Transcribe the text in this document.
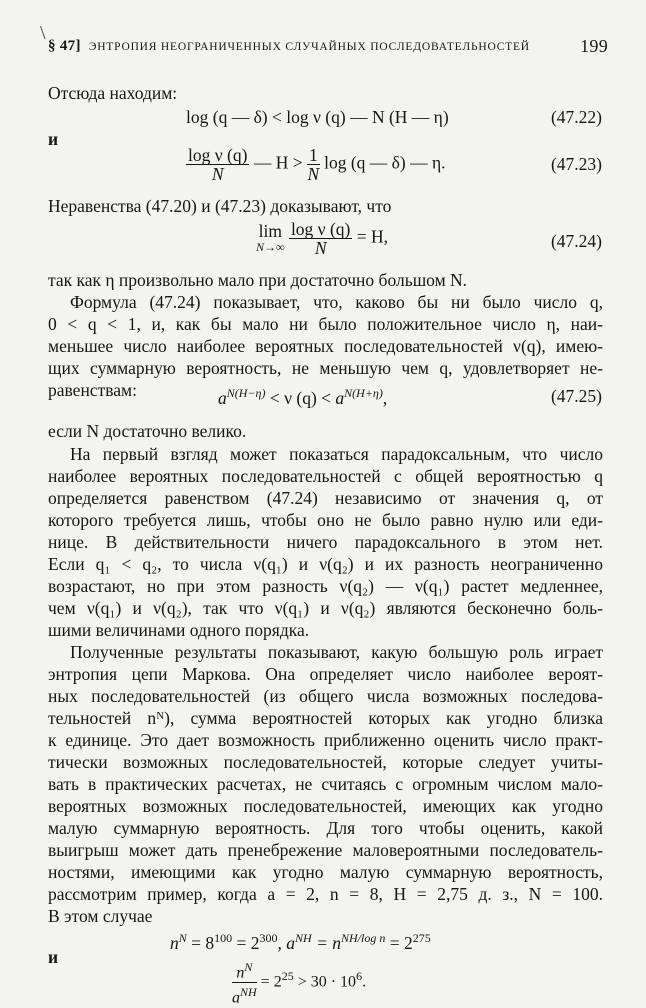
\
§ 47] ЭНТРОПИЯ НЕОГРАНИЧЕННЫХ СЛУЧАЙНЫХ ПОСЛЕДОВАТЕЛЬНОСТЕЙ	199
Отсюда находим:
log (q — δ) < log ν (q) — N (H — η)	(47.22)
и
$\frac{\text{log ν (q)}}{N}$ — $H > \frac{1}{N}$ log (q — δ) — η.	(47.23)
Неравенства (47.20) и (47.23) доказывают, что
lim
N→∞
$\frac{\text{log ν (q)}}{N} = H$,	(47.24)
так как η произвольно мало при достаточно большом N.
Формула (47.24) показывает, что, каково бы ни было число q,
0 < q < 1, и, как бы мало ни было положительное число η, наи-
меньшее число наиболее вероятных последовательностей ν(q), имею-
щих суммарную вероятность, не меньшую чем q, удовлетворяет не-
равенствам:	$a^{N(H-\eta)} < \nu$ $(q) < a^{N(H+\eta)}$,	(47.25)
если N достаточно велико.
На первый взгляд может показаться парадоксальным, что число
наиболее вероятных последовательностей с общей вероятностью q
определяется равенством (47.24) независимо от значения q, от
которого требуется лишь, чтобы оно не было равно нулю или еди-
нице. В действительности ничего парадоксального в этом нет.
Если q₁ < q₂, то числа ν(q₁) и ν(q₂) и их разность неограниченно
возрастают, но при этом разность ν(q₂) — ν(q₁) растет медленнее,
чем ν(q₁) и ν(q₂), так что ν(q₁) и ν(q₂) являются бесконечно боль-
шими величинами одного порядка.
Полученные результаты показывают, какую большую роль играет
энтропия цепи Маркова. Она определяет число наиболее вероят-
ных последовательностей (из общего числа возможных последова-
тельностей nᴺ), сумма вероятностей которых как угодно близка
к единице. Это дает возможность приближенно оценить число практ-
тически возможных последовательностей, которые следует учиты-
вать в практических расчетах, не считаясь с огромным числом мало-
вероятных возможных последовательностей, имеющих как угодно
малую суммарную вероятность. Для того чтобы оценить, какой
выигрыш может дать пренебрежение маловероятными последователь-
ностями, имеющими как угодно малую суммарную вероятность,
рассмотрим пример, когда a = 2, n = 8, H = 2,75 д. з., N = 100.
В этом случае
$n^N = 8^{100} = 2^{300}$, $a^{NH} = n^{NH/log n} = 2^{275}$
и
$\frac{n^N}{a^{NH}} = 2^{25} > 30 \cdot 10^6$.
